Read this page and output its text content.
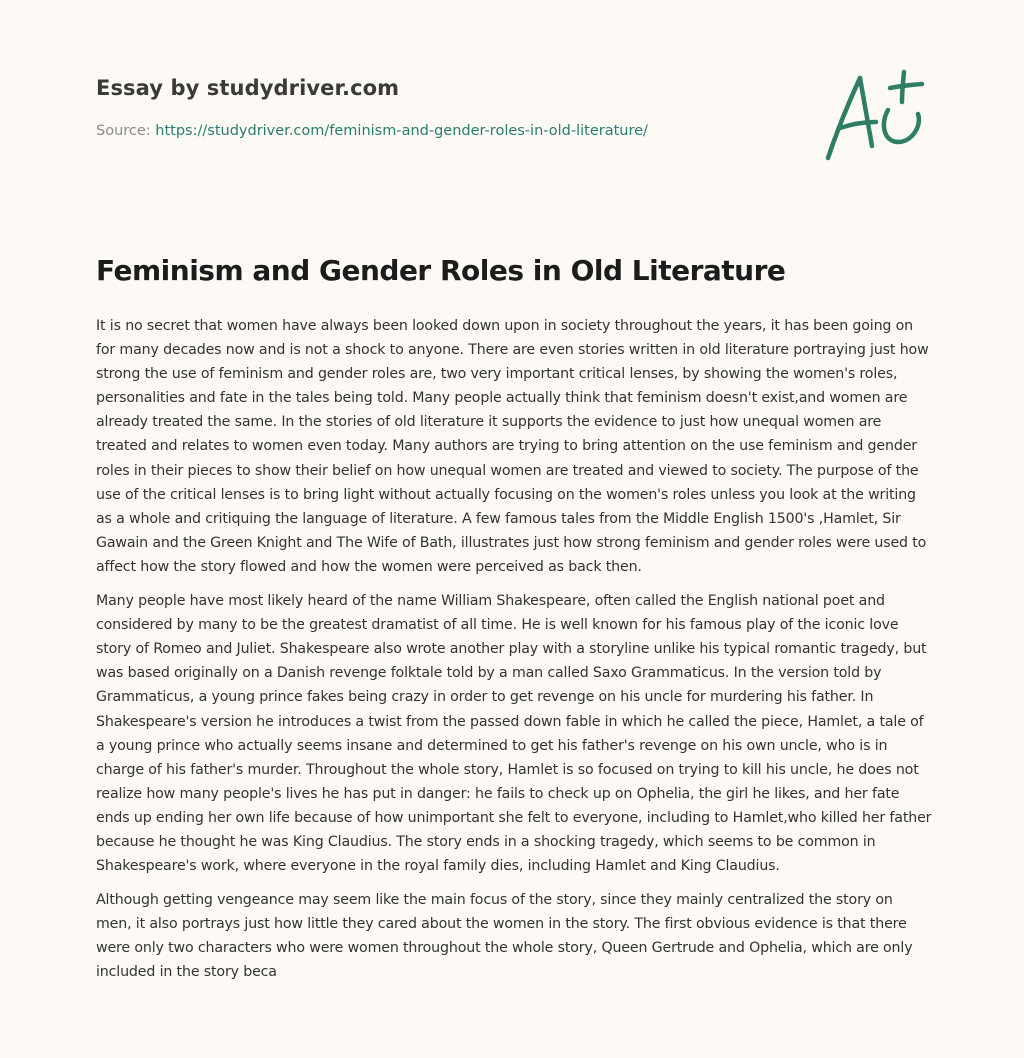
Essay by studydriver.com
Source: https://studydriver.com/feminism-and-gender-roles-in-old-literature/
Feminism and Gender Roles in Old Literature

It is no secret that women have always been looked down upon in society throughout the years, it has been going on for many decades now and is not a shock to anyone. There are even stories written in old literature portraying just how strong the use of feminism and gender roles are, two very important critical lenses, by showing the women's roles, personalities and fate in the tales being told. Many people actually think that feminism doesn't exist,and women are already treated the same. In the stories of old literature it supports the evidence to just how unequal women are treated and relates to women even today. Many authors are trying to bring attention on the use feminism and gender roles in their pieces to show their belief on how unequal women are treated and viewed to society. The purpose of the use of the critical lenses is to bring light without actually focusing on the women's roles unless you look at the writing as a whole and critiquing the language of literature. A few famous tales from the Middle English 1500's ,Hamlet, Sir Gawain and the Green Knight and The Wife of Bath, illustrates just how strong feminism and gender roles were used to affect how the story flowed and how the women were perceived as back then.

Many people have most likely heard of the name William Shakespeare, often called the English national poet and considered by many to be the greatest dramatist of all time. He is well known for his famous play of the iconic love story of Romeo and Juliet. Shakespeare also wrote another play with a storyline unlike his typical romantic tragedy, but was based originally on a Danish revenge folktale told by a man called Saxo Grammaticus. In the version told by Grammaticus, a young prince fakes being crazy in order to get revenge on his uncle for murdering his father. In Shakespeare's version he introduces a twist from the passed down fable in which he called the piece, Hamlet, a tale of a young prince who actually seems insane and determined to get his father's revenge on his own uncle, who is in charge of his father's murder. Throughout the whole story, Hamlet is so focused on trying to kill his uncle, he does not realize how many people's lives he has put in danger: he fails to check up on Ophelia, the girl he likes, and her fate ends up ending her own life because of how unimportant she felt to everyone, including to Hamlet,who killed her father because he thought he was King Claudius. The story ends in a shocking tragedy, which seems to be common in Shakespeare's work, where everyone in the royal family dies, including Hamlet and King Claudius.

Although getting vengeance may seem like the main focus of the story, since they mainly centralized the story on men, it also portrays just how little they cared about the women in the story. The first obvious evidence is that there were only two characters who were women throughout the whole story, Queen Gertrude and Ophelia, which are only included in the story beca
